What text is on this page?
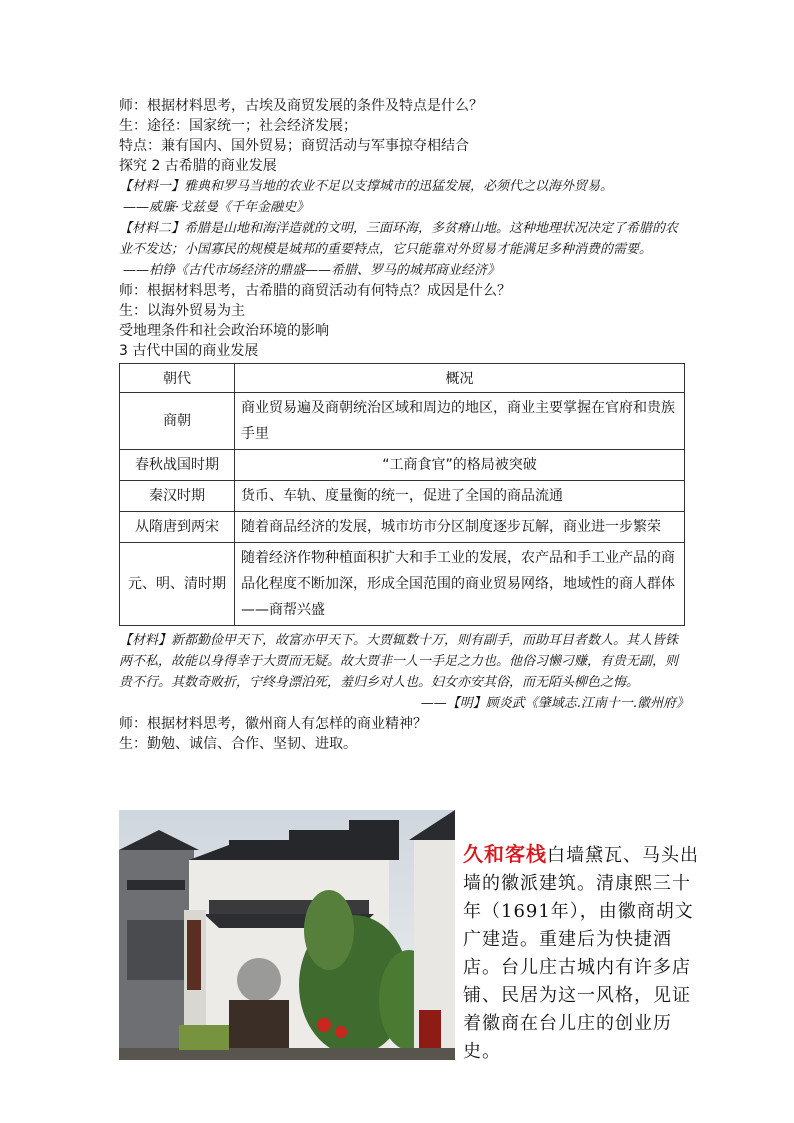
师：根据材料思考，古埃及商贸发展的条件及特点是什么？
生：途径：国家统一；社会经济发展；
特点：兼有国内、国外贸易；商贸活动与军事掠夺相结合
探究 2 古希腊的商业发展
【材料一】雅典和罗马当地的农业不足以支撑城市的迅猛发展，必须代之以海外贸易。
——威廉·戈兹曼《千年金融史》
【材料二】希腊是山地和海洋造就的文明，三面环海，多贫瘠山地。这种地理状况决定了希腊的农业不发达；小国寡民的规模是城邦的重要特点，它只能靠对外贸易才能满足多种消费的需要。
——柏铮《古代市场经济的鼎盛——希腊、罗马的城邦商业经济》
师：根据材料思考，古希腊的商贸活动有何特点？成因是什么？
生：以海外贸易为主
受地理条件和社会政治环境的影响
3 古代中国的商业发展
朝代	概况
商朝	商业贸易遍及商朝统治区域和周边的地区，商业主要掌握在官府和贵族手里
春秋战国时期	“工商食官”的格局被突破
秦汉时期	货币、车轨、度量衡的统一，促进了全国的商品流通
从隋唐到两宋	随着商品经济的发展，城市坊市分区制度逐步瓦解，商业进一步繁荣
元、明、清时期	随着经济作物种植面积扩大和手工业的发展，农产品和手工业产品的商品化程度不断加深，形成全国范围的商业贸易网络，地域性的商人群体——商帮兴盛
【材料】新都勤俭甲天下，故富亦甲天下。大贾辄数十万，则有副手，而助耳目者数人。其人皆铢两不私，故能以身得幸于大贾而无疑。故大贾非一人一手足之力也。他俗习懒刁赚，有贵无副，则贵不行。其数奇败折，宁终身漂泊死，羞归乡对人也。妇女亦安其俗，而无陌头柳色之悔。
——【明】顾炎武《肇域志.江南十一.徽州府》
师：根据材料思考，徽州商人有怎样的商业精神？
生：勤勉、诚信、合作、坚韧、进取。
久和客栈白墙黛瓦、马头出墙的徽派建筑。清康熙三十年（1691年），由徽商胡文广建造。重建后为快捷酒店。台儿庄古城内有许多店铺、民居为这一风格，见证着徽商在台儿庄的创业历史。
